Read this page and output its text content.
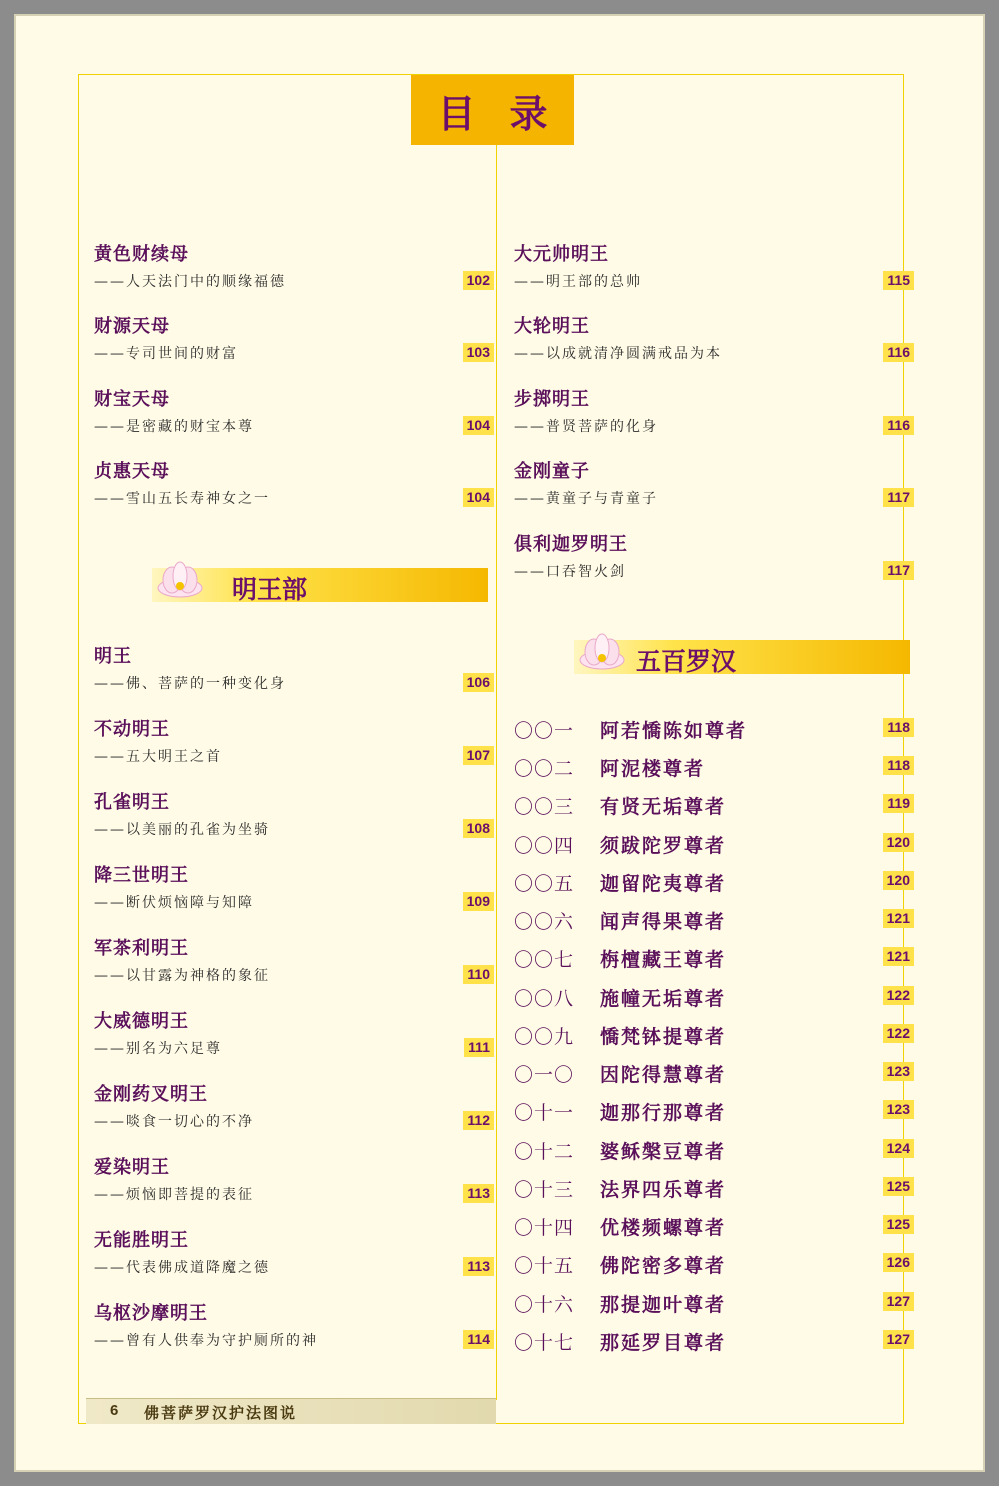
目 录
黄色财续母
——人天法门中的顺缘福德	102
财源天母
——专司世间的财富	103
财宝天母
——是密藏的财宝本尊	104
贞惠天母
——雪山五长寿神女之一	104
明王部
明王
——佛、菩萨的一种变化身	106
不动明王
——五大明王之首	107
孔雀明王
——以美丽的孔雀为坐骑	108
降三世明王
——断伏烦恼障与知障	109
军茶利明王
——以甘露为神格的象征	110
大威德明王
——别名为六足尊	111
金刚药叉明王
——啖食一切心的不净	112
爱染明王
——烦恼即菩提的表征	113
无能胜明王
——代表佛成道降魔之德	113
乌枢沙摩明王
——曾有人供奉为守护厕所的神	114
大元帅明王
——明王部的总帅	115
大轮明王
——以成就清净圆满戒品为本	116
步掷明王
——普贤菩萨的化身	116
金刚童子
——黄童子与青童子	117
俱利迦罗明王
——口吞智火剑	117
五百罗汉
〇〇一 阿若憍陈如尊者	118
〇〇二 阿泥楼尊者	118
〇〇三 有贤无垢尊者	119
〇〇四 须跋陀罗尊者	120
〇〇五 迦留陀夷尊者	120
〇〇六 闻声得果尊者	121
〇〇七 栴檀藏王尊者	121
〇〇八 施幢无垢尊者	122
〇〇九 憍梵钵提尊者	122
〇一〇 因陀得慧尊者	123
〇十一 迦那行那尊者	123
〇十二 婆稣槃豆尊者	124
〇十三 法界四乐尊者	125
〇十四 优楼频螺尊者	125
〇十五 佛陀密多尊者	126
〇十六 那提迦叶尊者	127
〇十七 那延罗目尊者	127
6 佛菩萨罗汉护法图说
